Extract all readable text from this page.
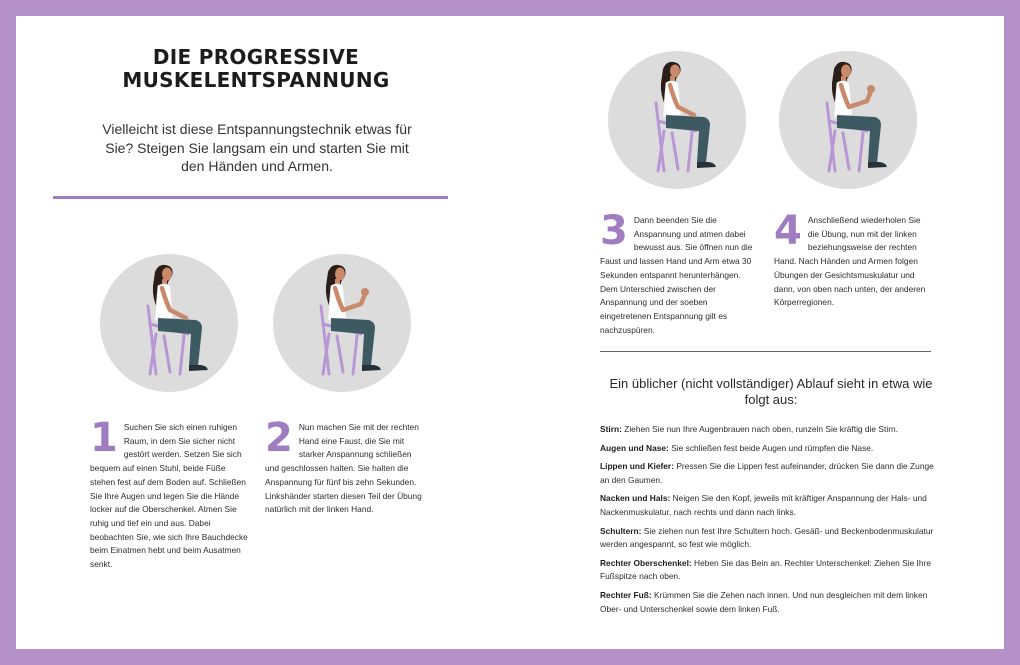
DIE PROGRESSIVE MUSKELENTSPANNUNG
Vielleicht ist diese Entspannungstechnik etwas für Sie? Steigen Sie langsam ein und starten Sie mit den Händen und Armen.
1 Suchen Sie sich einen ruhigen Raum, in dem Sie sicher nicht gestört werden. Setzen Sie sich bequem auf einen Stuhl, beide Füße stehen fest auf dem Boden auf. Schließen Sie Ihre Augen und legen Sie die Hände locker auf die Oberschenkel. Atmen Sie ruhig und tief ein und aus. Dabei beobachten Sie, wie sich Ihre Bauchdecke beim Einatmen hebt und beim Ausatmen senkt.

2 Nun machen Sie mit der rechten Hand eine Faust, die Sie mit starker Anspannung schließen und geschlossen halten. Sie halten die Anspannung für fünf bis zehn Sekunden. Linkshänder starten diesen Teil der Übung natürlich mit der linken Hand.

3 Dann beenden Sie die Anspannung und atmen dabei bewusst aus. Sie öffnen nun die Faust und lassen Hand und Arm etwa 30 Sekunden entspannt herunterhängen. Dem Unterschied zwischen der Anspannung und der soeben eingetretenen Entspannung gilt es nachzuspüren.

4 Anschließend wiederholen Sie die Übung, nun mit der linken beziehungsweise der rechten Hand. Nach Händen und Armen folgen Übungen der Gesichtsmuskulatur und dann, von oben nach unten, der anderen Körperregionen.

Ein üblicher (nicht vollständiger) Ablauf sieht in etwa wie folgt aus:

Stirn: Ziehen Sie nun Ihre Augenbrauen nach oben, runzeln Sie kräftig die Stirn.

Augen und Nase: Sie schließen fest beide Augen und rümpfen die Nase.

Lippen und Kiefer: Pressen Sie die Lippen fest aufeinander, drücken Sie dann die Zunge an den Gaumen.

Nacken und Hals: Neigen Sie den Kopf, jeweils mit kräftiger Anspannung der Hals- und Nackenmuskulatur, nach rechts und dann nach links.

Schultern: Sie ziehen nun fest Ihre Schultern hoch. Gesäß- und Beckenbodenmuskulatur werden angespannt, so fest wie möglich.

Rechter Oberschenkel: Heben Sie das Bein an. Rechter Unterschenkel: Ziehen Sie Ihre Fußspitze nach oben.

Rechter Fuß: Krümmen Sie die Zehen nach innen. Und nun desgleichen mit dem linken Ober- und Unterschenkel sowie dem linken Fuß.
